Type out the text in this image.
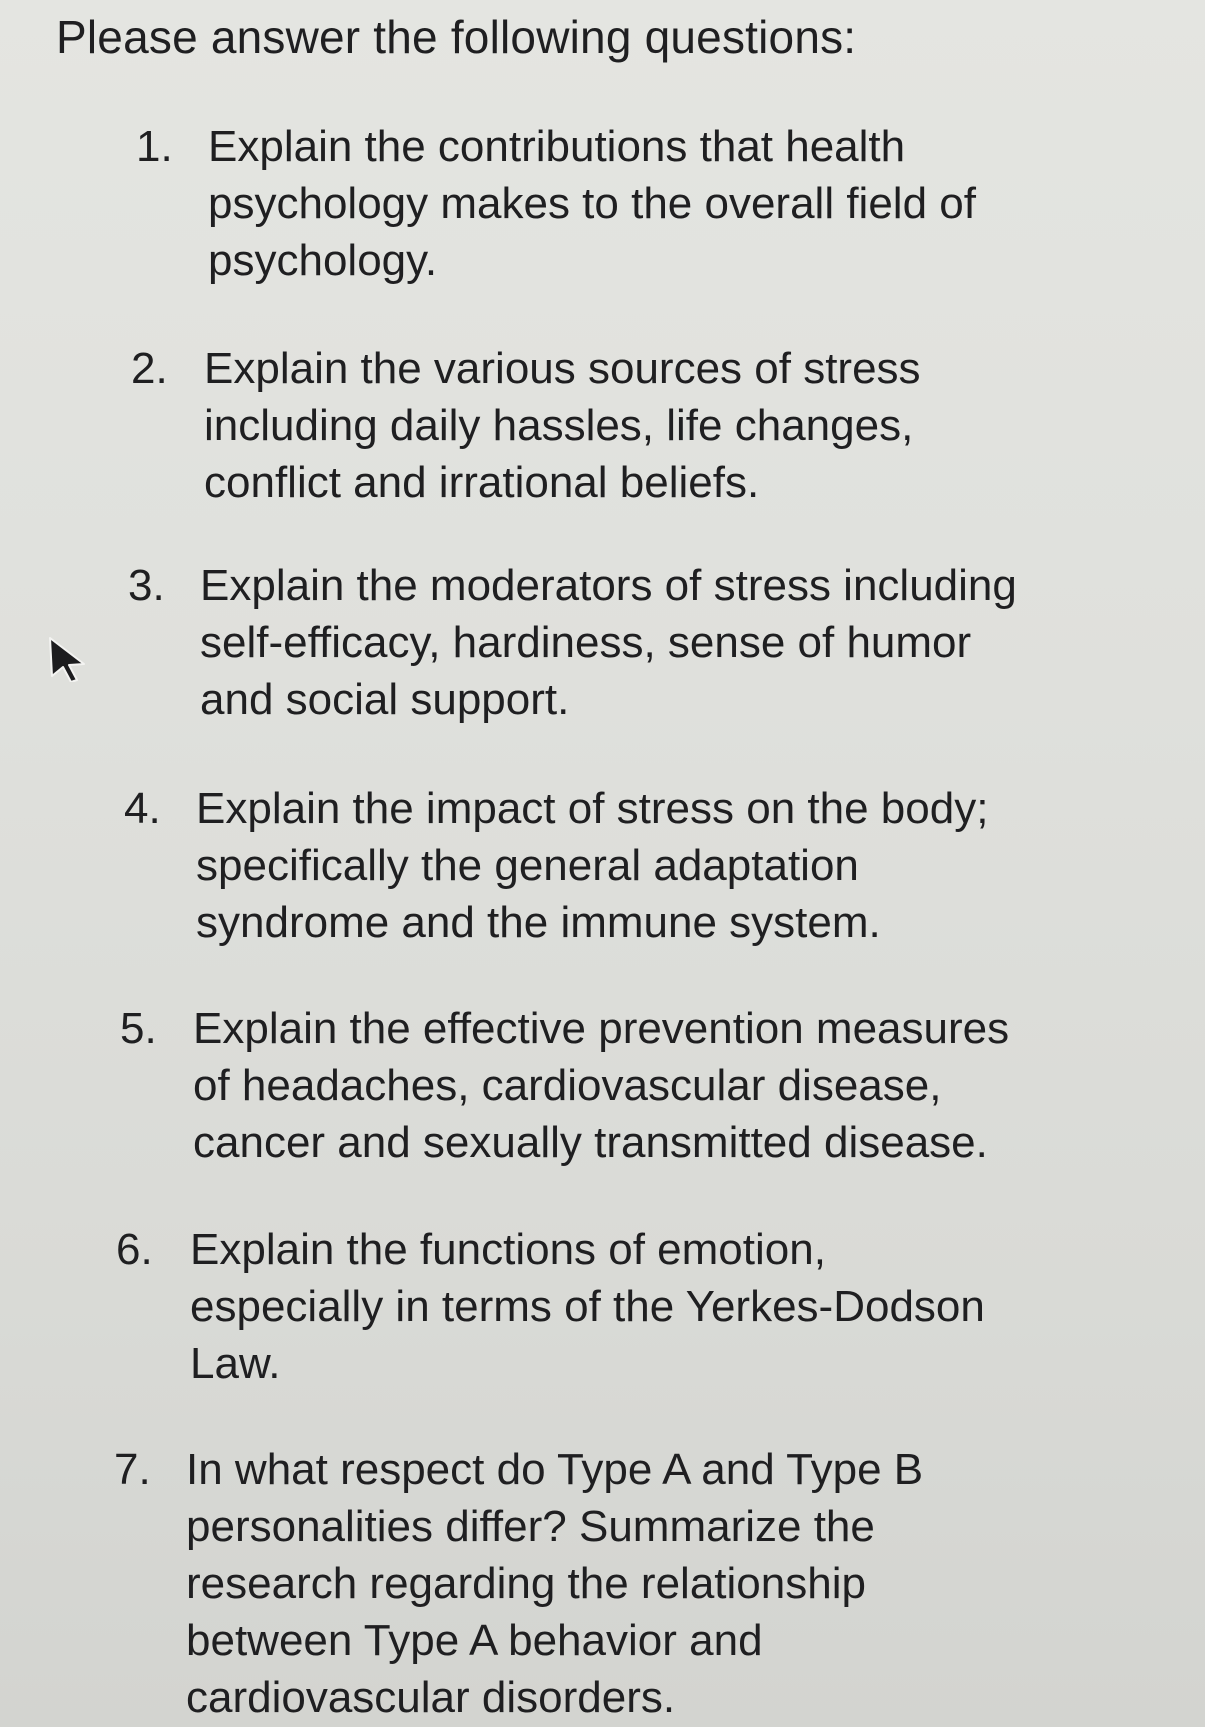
Please answer the following questions:
1. Explain the contributions that health
psychology makes to the overall field of
psychology.

2. Explain the various sources of stress
including daily hassles, life changes,
conflict and irrational beliefs.

3. Explain the moderators of stress including
self-efficacy, hardiness, sense of humor
and social support.

4. Explain the impact of stress on the body;
specifically the general adaptation
syndrome and the immune system.

5. Explain the effective prevention measures
of headaches, cardiovascular disease,
cancer and sexually transmitted disease.

6. Explain the functions of emotion,
especially in terms of the Yerkes-Dodson
Law.

7. In what respect do Type A and Type B
personalities differ? Summarize the
research regarding the relationship
between Type A behavior and
cardiovascular disorders.
